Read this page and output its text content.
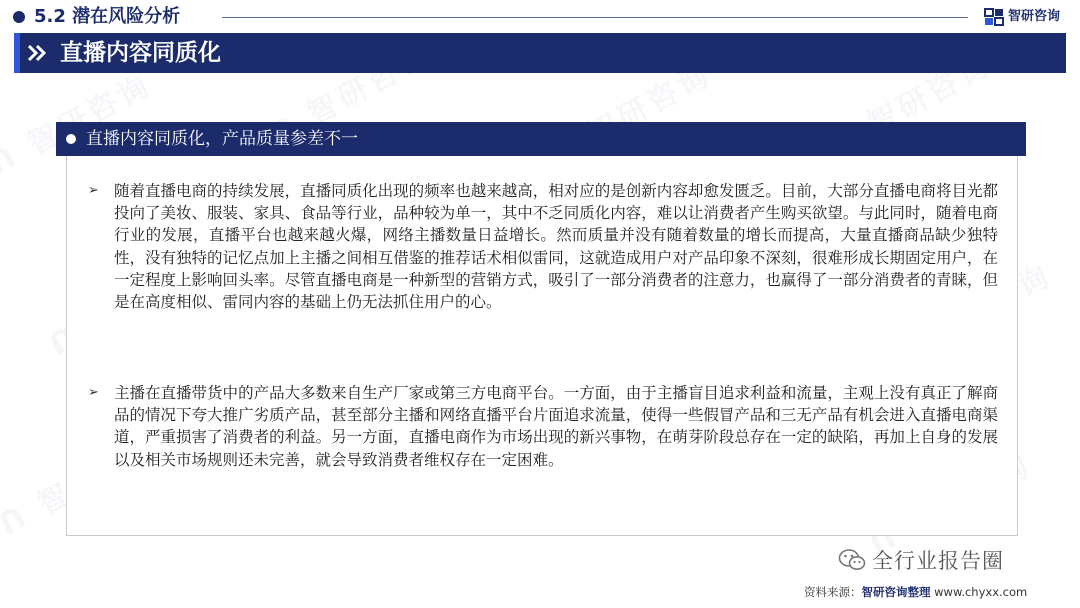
5.2 潜在风险分析	智研咨询
直播内容同质化
直播内容同质化，产品质量参差不一
➢ 随着直播电商的持续发展，直播同质化出现的频率也越来越高，相对应的是创新内容却愈发匮乏。目前，大部分直播电商将目光都投向了美妆、服装、家具、食品等行业，品种较为单一，其中不乏同质化内容，难以让消费者产生购买欲望。与此同时，随着电商行业的发展，直播平台也越来越火爆，网络主播数量日益增长。然而质量并没有随着数量的增长而提高，大量直播商品缺少独特性，没有独特的记忆点加上主播之间相互借鉴的推荐话术相似雷同，这就造成用户对产品印象不深刻，很难形成长期固定用户，在一定程度上影响回头率。尽管直播电商是一种新型的营销方式，吸引了一部分消费者的注意力，也赢得了一部分消费者的青睐，但是在高度相似、雷同内容的基础上仍无法抓住用户的心。
➢ 主播在直播带货中的产品大多数来自生产厂家或第三方电商平台。一方面，由于主播盲目追求利益和流量，主观上没有真正了解商品的情况下夸大推广劣质产品，甚至部分主播和网络直播平台片面追求流量，使得一些假冒产品和三无产品有机会进入直播电商渠道，严重损害了消费者的利益。另一方面，直播电商作为市场出现的新兴事物，在萌芽阶段总存在一定的缺陷，再加上自身的发展以及相关市场规则还未完善，就会导致消费者维权存在一定困难。
全行业报告圈
资料来源：智研咨询整理 www.chyxx.com
